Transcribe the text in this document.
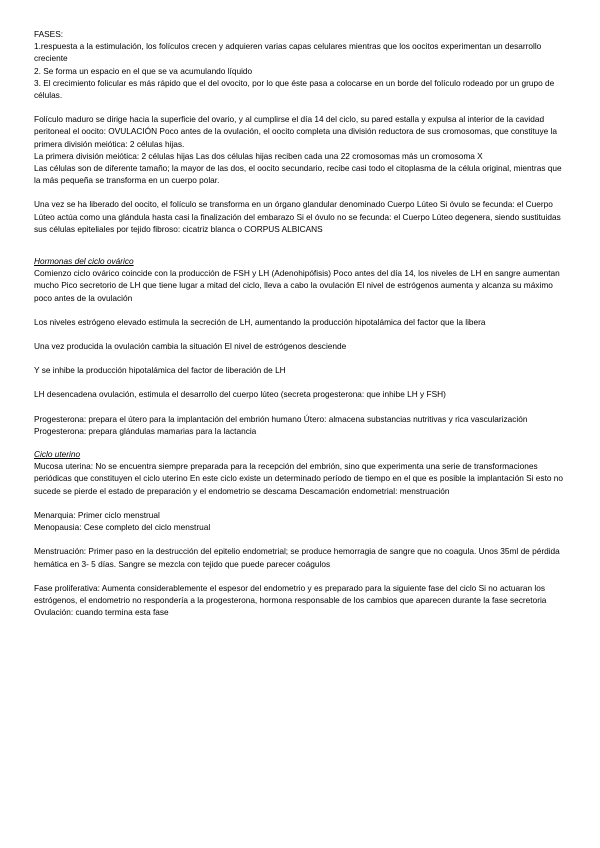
FASES:

1.respuesta a la estimulación, los folículos crecen y adquieren varias capas celulares mientras que los oocitos experimentan un desarrollo creciente

2. Se forma un espacio en el que se va acumulando líquido

3. El crecimiento folicular es más rápido que el del ovocito, por lo que éste pasa a colocarse en un borde del folículo rodeado por un grupo de células.

Folículo maduro se dirige hacia la superficie del ovario, y al cumplirse el día 14 del ciclo, su pared estalla y expulsa al interior de la cavidad peritoneal el oocito: OVULACIÓN Poco antes de la ovulación, el oocito completa una división reductora de sus cromosomas, que constituye la primera división meiótica: 2 células hijas.

La primera división meiótica: 2 células hijas Las dos células hijas reciben cada una 22 cromosomas más un cromosoma X

Las células son de diferente tamaño; la mayor de las dos, el oocito secundario, recibe casi todo el citoplasma de la célula original, mientras que la más pequeña se transforma en un cuerpo polar.

Una vez se ha liberado del oocito, el folículo se transforma en un órgano glandular denominado Cuerpo Lúteo Si óvulo se fecunda: el Cuerpo Lúteo actúa como una glándula hasta casi la finalización del embarazo Si el óvulo no se fecunda: el Cuerpo Lúteo degenera, siendo sustituidas sus células epiteliales por tejido fibroso: cicatriz blanca o CORPUS ALBICANS

Hormonas del ciclo ovárico

Comienzo ciclo ovárico coincide con la producción de FSH y LH (Adenohipófisis) Poco antes del día 14, los niveles de LH en sangre aumentan mucho Pico secretorio de LH que tiene lugar a mitad del ciclo, lleva a cabo la ovulación El nivel de estrógenos aumenta y alcanza su máximo poco antes de la ovulación

Los niveles estrógeno elevado estimula la secreción de LH, aumentando la producción hipotalámica del factor que la libera

Una vez producida la ovulación cambia la situación El nivel de estrógenos desciende

Y se inhibe la producción hipotalámica del factor de liberación de LH

LH desencadena ovulación, estimula el desarrollo del cuerpo lúteo (secreta progesterona: que inhibe LH y FSH)

Progesterona: prepara el útero para la implantación del embrión humano Útero: almacena substancias nutritivas y rica vascularización Progesterona: prepara glándulas mamarias para la lactancia

Ciclo uterino

Mucosa uterina: No se encuentra siempre preparada para la recepción del embrión, sino que experimenta una serie de transformaciones periódicas que constituyen el ciclo uterino En este ciclo existe un determinado período de tiempo en el que es posible la implantación Si esto no sucede se pierde el estado de preparación y el endometrio se descama Descamación endometrial: menstruación

Menarquia: Primer ciclo menstrual

Menopausia: Cese completo del ciclo menstrual

Menstruación: Primer paso en la destrucción del epitelio endometrial; se produce hemorragia de sangre que no coagula. Unos 35ml de pérdida hemática en 3- 5 días. Sangre se mezcla con tejido que puede parecer coágulos

Fase proliferativa: Aumenta considerablemente el espesor del endometrio y es preparado para la siguiente fase del ciclo Si no actuaran los estrógenos, el endometrio no respondería a la progesterona, hormona responsable de los cambios que aparecen durante la fase secretoria Ovulación: cuando termina esta fase
